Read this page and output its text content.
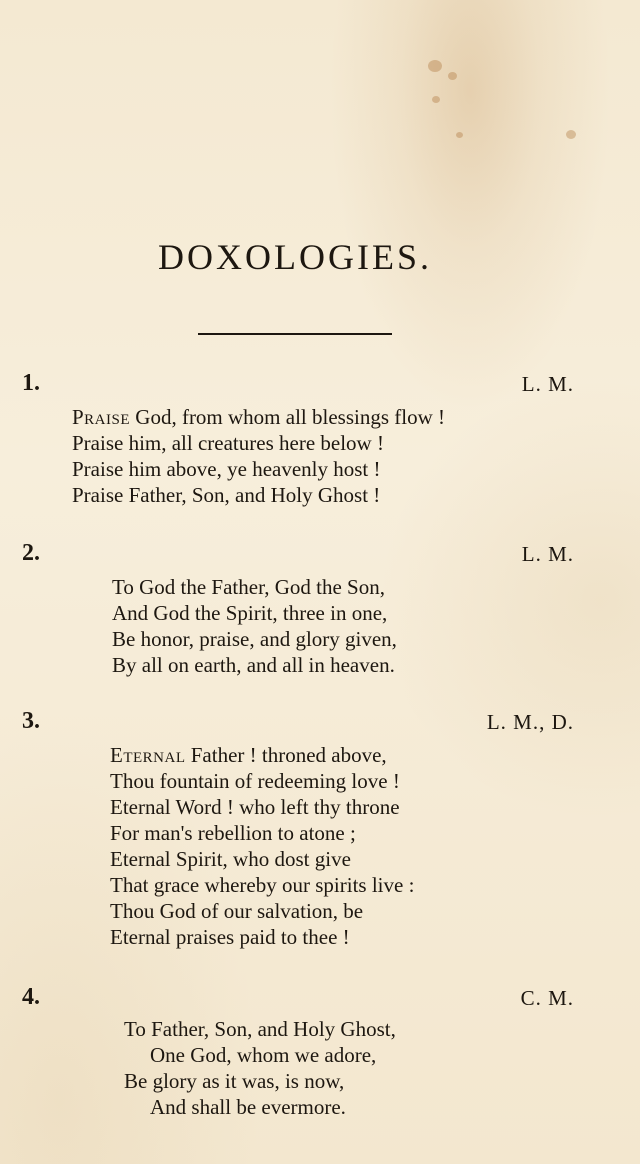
DOXOLOGIES.
1.	L. M.
Praise God, from whom all blessings flow !
Praise him, all creatures here below !
Praise him above, ye heavenly host !
Praise Father, Son, and Holy Ghost !
2.	L. M.
To God the Father, God the Son,
And God the Spirit, three in one,
Be honor, praise, and glory given,
By all on earth, and all in heaven.
3.	L. M., D.
Eternal Father ! throned above,
Thou fountain of redeeming love !
Eternal Word ! who left thy throne
For man's rebellion to atone ;
Eternal Spirit, who dost give
That grace whereby our spirits live :
Thou God of our salvation, be
Eternal praises paid to thee !
4.	C. M.
To Father, Son, and Holy Ghost,
One God, whom we adore,
Be glory as it was, is now,
And shall be evermore.
